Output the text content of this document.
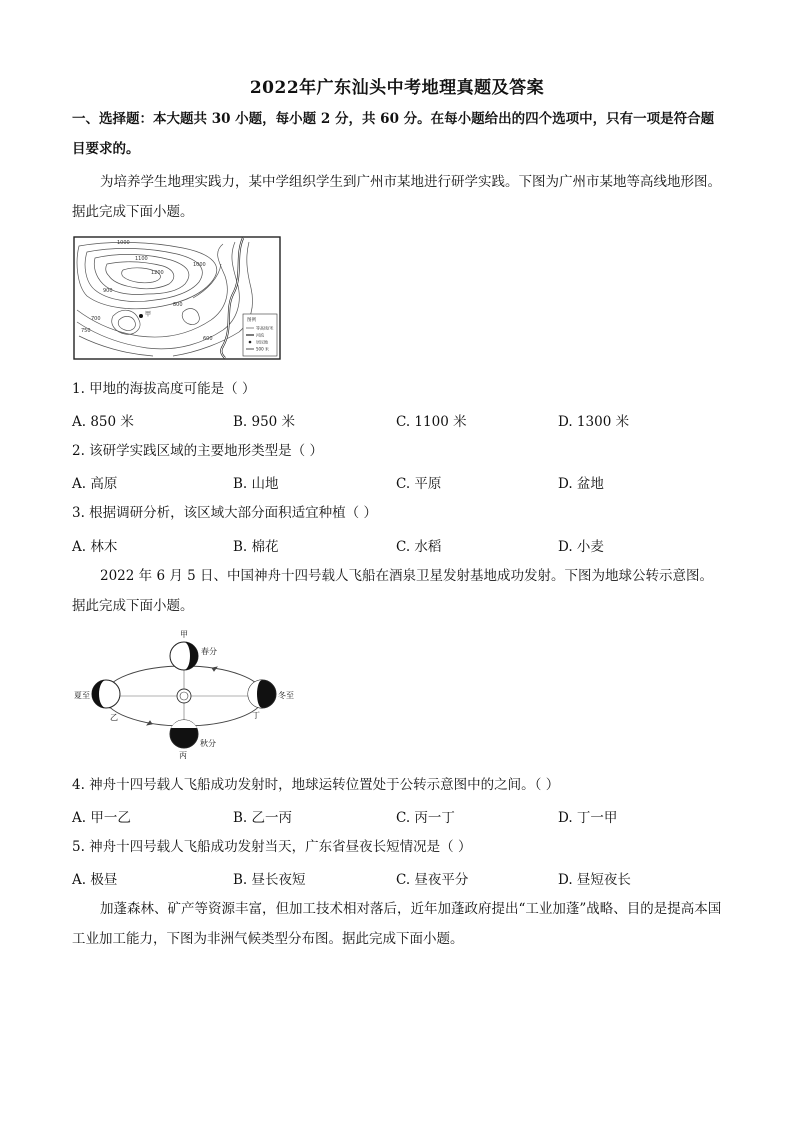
2022年广东汕头中考地理真题及答案
一、选择题：本大题共 30 小题，每小题 2 分，共 60 分。在每小题给出的四个选项中，只有一项是符合题目要求的。
为培养学生地理实践力，某中学组织学生到广州市某地进行研学实践。下图为广州市某地等高线地形图。据此完成下面小题。
1000
1200
1100
1000
900
800
700
600
甲
750
图例
等高线/米
河流
居民地
500 米
1. 甲地的海拔高度可能是（ ）
A. 850 米	B. 950 米	C. 1100 米	D. 1300 米
2. 该研学实践区域的主要地形类型是（ ）
A. 高原	B. 山地	C. 平原	D. 盆地
3. 根据调研分析，该区域大部分面积适宜种植（ ）
A. 林木	B. 棉花	C. 水稻	D. 小麦
2022 年 6 月 5 日、中国神舟十四号载人飞船在酒泉卫星发射基地成功发射。下图为地球公转示意图。据此完成下面小题。
甲
春分
夏至
乙
秋分
丙
冬至
丁
4. 神舟十四号载人飞船成功发射时，地球运转位置处于公转示意图中的之间。（ ）
A. 甲一乙	B. 乙一丙	C. 丙一丁	D. 丁一甲
5. 神舟十四号载人飞船成功发射当天，广东省昼夜长短情况是（ ）
A. 极昼	B. 昼长夜短	C. 昼夜平分	D. 昼短夜长
加蓬森林、矿产等资源丰富，但加工技术相对落后，近年加蓬政府提出“工业加蓬”战略、目的是提高本国工业加工能力，下图为非洲气候类型分布图。据此完成下面小题。
